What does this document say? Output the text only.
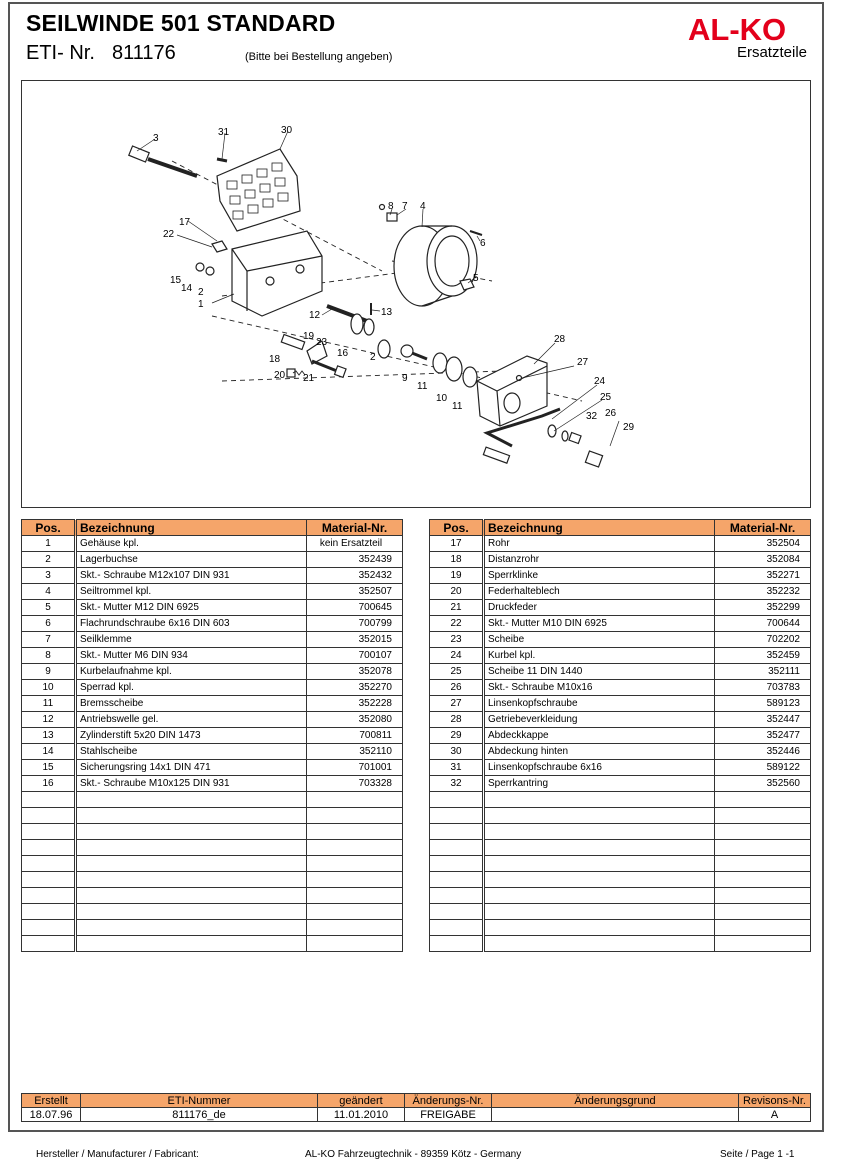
SEILWINDE 501 STANDARD
ETI- Nr. 811176	(Bitte bei Bestellung angeben)
AL-KO
Ersatzteile
3
31	30
17
22
8 7 4
6
15
14 2
1
5
12	13
19
23
18
16 2
20 21
28
9
27
11
10
11
24
25
32 26
29
Pos.	Bezeichnung	Material-Nr.
1	Gehäuse kpl.	kein Ersatzteil
2	Lagerbuchse	352439
3	Skt.- Schraube M12x107 DIN 931	352432
4	Seiltrommel kpl.	352507
5	Skt.- Mutter M12 DIN 6925	700645
6	Flachrundschraube 6x16 DIN 603	700799
7	Seilklemme	352015
8	Skt.- Mutter M6 DIN 934	700107
9	Kurbelaufnahme kpl.	352078
10	Sperrad kpl.	352270
11	Bremsscheibe	352228
12	Antriebswelle gel.	352080
13	Zylinderstift 5x20 DIN 1473	700811
14	Stahlscheibe	352110
15	Sicherungsring 14x1 DIN 471	701001
16	Skt.- Schraube M10x125 DIN 931	703328

Pos.	Bezeichnung	Material-Nr.
17	Rohr	352504
18	Distanzrohr	352084
19	Sperrklinke	352271
20	Federhalteblech	352232
21	Druckfeder	352299
22	Skt.- Mutter M10 DIN 6925	700644
23	Scheibe	702202
24	Kurbel kpl.	352459
25	Scheibe 11 DIN 1440	352111
26	Skt.- Schraube M10x16	703783
27	Linsenkopfschraube	589123
28	Getriebeverkleidung	352447
29	Abdeckkappe	352477
30	Abdeckung hinten	352446
31	Linsenkopfschraube 6x16	589122
32	Sperrkantring	352560

Erstellt	ETI-Nummer	geändert	Änderungs-Nr.	Änderungsgrund	Revisons-Nr.
18.07.96	811176_de	11.01.2010	FREIGABE		A
Hersteller / Manufacturer / Fabricant:	AL-KO Fahrzeugtechnik - 89359 Kötz - Germany	Seite / Page 1 -1
